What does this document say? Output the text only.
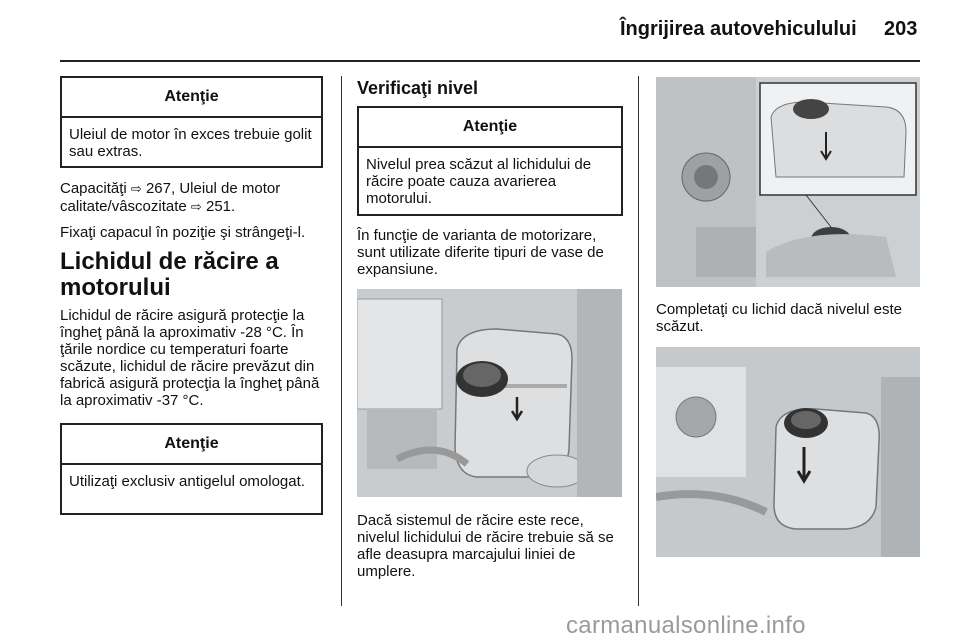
Îngrijirea autovehiculului 203
Atenţie
Uleiul de motor în exces trebuie golit sau extras.

Capacităţi ⇨ 267, Uleiul de motor calitate/vâscozitate ⇨ 251.

Fixaţi capacul în poziţie şi strângeţi-l.

Lichidul de răcire a
motorului

Lichidul de răcire asigură protecţie la îngheţ până la aproximativ -28 °C. În ţările nordice cu temperaturi foarte scăzute, lichidul de răcire prevăzut din fabrică asigură protecţia la îngheţ până la aproximativ -37 °C.

Atenţie
Utilizaţi exclusiv antigelul omologat.
Verificaţi nivel
Atenţie
Nivelul prea scăzut al lichidului de răcire poate cauza avarierea motorului.

În funcţie de varianta de motorizare, sunt utilizate diferite tipuri de vase de expansiune.

Dacă sistemul de răcire este rece, nivelul lichidului de răcire trebuie să se afle deasupra marcajului liniei de umplere.

Completaţi cu lichid dacă nivelul este scăzut.

carmanualsonline.info
